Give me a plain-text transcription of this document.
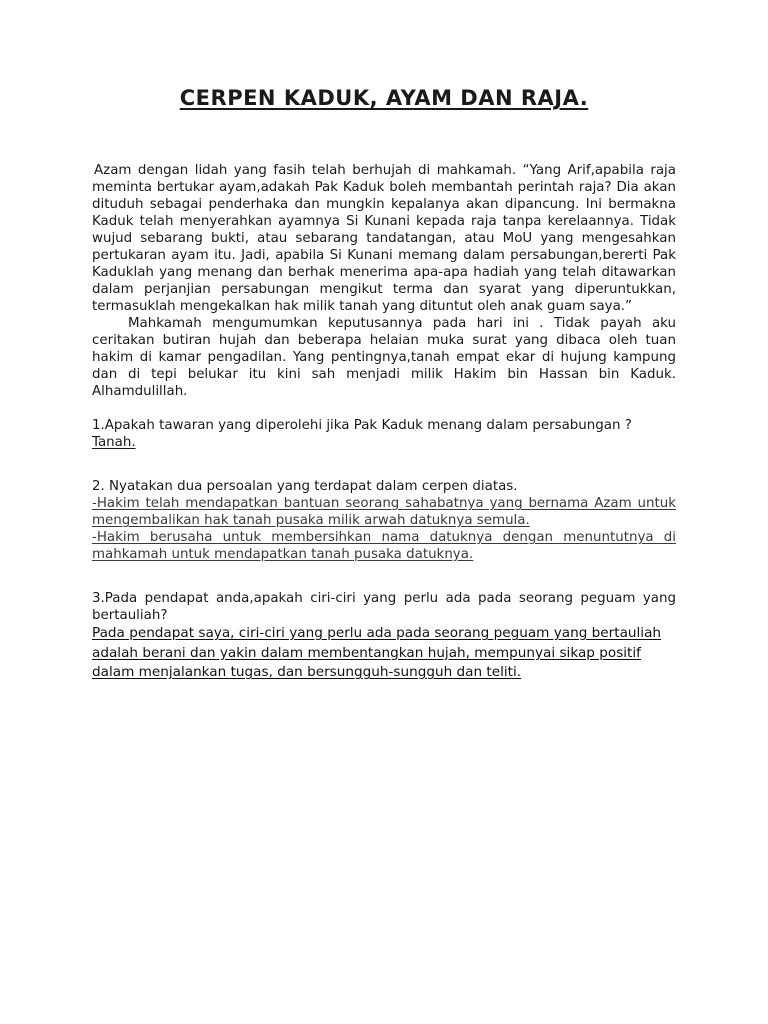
CERPEN KADUK, AYAM DAN RAJA.

Azam dengan lidah yang fasih telah berhujah di mahkamah. “Yang Arif,apabila raja meminta bertukar ayam,adakah Pak Kaduk boleh membantah perintah raja? Dia akan dituduh sebagai penderhaka dan mungkin kepalanya akan dipancung. Ini bermakna Kaduk telah menyerahkan ayamnya Si Kunani kepada raja tanpa kerelaannya. Tidak wujud sebarang bukti, atau sebarang tandatangan, atau MoU yang mengesahkan pertukaran ayam itu. Jadi, apabila Si Kunani memang dalam persabungan,bererti Pak Kaduklah yang menang dan berhak menerima apa-apa hadiah yang telah ditawarkan dalam perjanjian persabungan mengikut terma dan syarat yang diperuntukkan, termasuklah mengekalkan hak milik tanah yang dituntut oleh anak guam saya.”

Mahkamah mengumumkan keputusannya pada hari ini . Tidak payah aku ceritakan butiran hujah dan beberapa helaian muka surat yang dibaca oleh tuan hakim di kamar pengadilan. Yang pentingnya,tanah empat ekar di hujung kampung dan di tepi belukar itu kini sah menjadi milik Hakim bin Hassan bin Kaduk. Alhamdulillah.

1.Apakah tawaran yang diperolehi jika Pak Kaduk menang dalam persabungan ?

Tanah.

2. Nyatakan dua persoalan yang terdapat dalam cerpen diatas.

-Hakim telah mendapatkan bantuan seorang sahabatnya yang bernama Azam untuk mengembalikan hak tanah pusaka milik arwah datuknya semula.

-Hakim berusaha untuk membersihkan nama datuknya dengan menuntutnya di mahkamah untuk mendapatkan tanah pusaka datuknya.

3.Pada pendapat anda,apakah ciri-ciri yang perlu ada pada seorang peguam yang bertauliah?

Pada pendapat saya, ciri-ciri yang perlu ada pada seorang peguam yang bertauliah adalah berani dan yakin dalam membentangkan hujah, mempunyai sikap positif dalam menjalankan tugas, dan bersungguh-sungguh dan teliti.
